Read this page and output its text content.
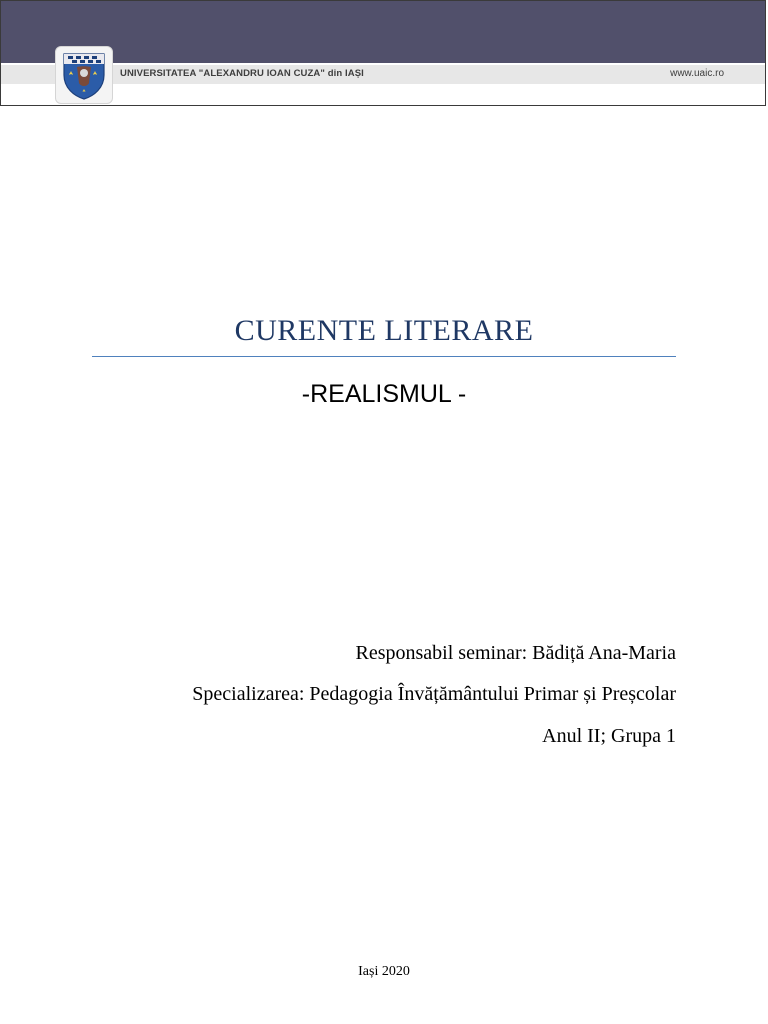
UNIVERSITATEA "ALEXANDRU IOAN CUZA" din IAȘI	www.uaic.ro
CURENTE LITERARE
-REALISMUL -
Responsabil seminar: Bădiță Ana-Maria
Specializarea: Pedagogia Învățământului Primar și Preșcolar
Anul II; Grupa 1
Iași 2020
